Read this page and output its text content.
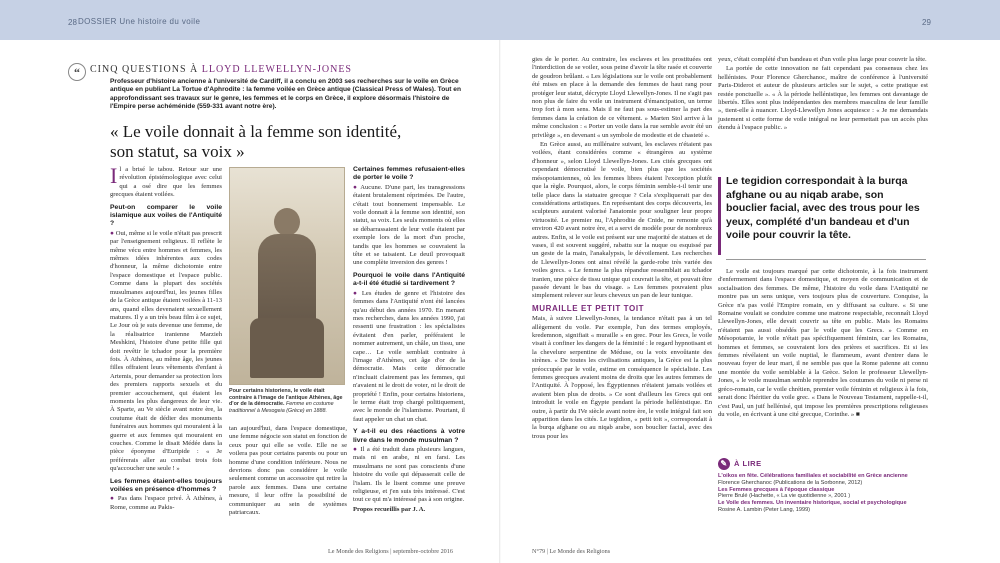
28 DOSSIER Une histoire du voile	29
“	CINQ QUESTIONS À LLOYD LLEWELLYN-JONES
Professeur d'histoire ancienne à l'université de Cardiff, il a conclu en 2003 ses recherches sur le voile en Grèce antique en publiant La Tortue d'Aphrodite : la femme voilée en Grèce antique (Classical Press of Wales). Tout en approfondissant ses travaux sur le genre, les femmes et le corps en Grèce, il explore désormais l'histoire de l'Empire perse achéménide (559-331 avant notre ère).
« Le voile donnait à la femme son identité, son statut, sa voix »

Il a brisé le tabou. Retour sur une révolution épistémologique avec celui qui a osé dire que les femmes grecques étaient voilées.

Peut-on comparer le voile islamique aux voiles de l'Antiquité ?

● Oui, même si le voile n'était pas prescrit par l'enseignement religieux. Il reflète le même vécu entre hommes et femmes, les mêmes idées inhérentes aux codes d'honneur, la même dichotomie entre l'espace domestique et l'espace public. Comme dans la plupart des sociétés musulmanes aujourd'hui, les jeunes filles de la Grèce antique étaient voilées à 11-13 ans, quand elles devenaient sexuellement matures. Il y a un très beau film à ce sujet, Le Jour où je suis devenue une femme, de la réalisatrice iranienne Marzieh Meshkini, l'histoire d'une petite fille qui doit revêtir le tchador pour la première fois. À Athènes, au même âge, les jeunes filles offraient leurs vêtements d'enfant à Artemis, pour demander sa protection lors des premiers rapports sexuels et du premier accouchement, qui étaient les moments les plus dangereux de leur vie. À Sparte, au Ve siècle avant notre ère, la coutume était de dédier des monuments funéraires aux hommes qui mouraient à la guerre et aux femmes qui mouraient en couches. Comme le disait Médée dans la pièce éponyme d'Euripide : « Je préférerais aller au combat trois fois qu'accoucher une seule ! »

Les femmes étaient-elles toujours voilées en présence d'hommes ?

● Pas dans l'espace privé. À Athènes, à Rome, comme au Pakis-

Pour certains historiens, le voile était contraire à l'image de l'antique Athènes, âge d'or de la démocratie. Femme en costume traditionnel à Mesogeia (Grèce) en 1888.
tan aujourd'hui, dans l'espace domestique, une femme négocie son statut en fonction de ceux pour qui elle se voile. Elle ne se voilera pas pour certains parents ou pour un homme d'une condition inférieure. Nous ne devrions donc pas considérer le voile seulement comme un accessoire qui retire la parole aux femmes. Dans une certaine mesure, il leur offre la possibilité de communiquer au sein de systèmes patriarcaux.
Certaines femmes refusaient-elles de porter le voile ?

● Aucune. D'une part, les transgressions étaient brutalement réprimées. De l'autre, c'était tout bonnement impensable. Le voile donnait à la femme son identité, son statut, sa voix. Les seuls moments où elles se débarrassaient de leur voile étaient par exemple lors de la mort d'un proche, tandis que les hommes se couvraient la tête et se taisaient. Le deuil provoquait une complète inversion des genres !

Pourquoi le voile dans l'Antiquité a-t-il été étudié si tardivement ?

● Les études de genre et l'histoire des femmes dans l'Antiquité n'ont été lancées qu'au début des années 1970. En menant mes recherches, dans les années 1990, j'ai ressenti une frustration : les spécialistes évitaient d'en parler, préféraient le nommer autrement, un châle, un tissu, une cape… Le voile semblait contraire à l'image d'Athènes, cet âge d'or de la démocratie. Mais cette démocratie n'incluait clairement pas les femmes, qui n'avaient ni le droit de voter, ni le droit de propriété ! Enfin, pour certains historiens, le terme était trop chargé politiquement, avec le monde de l'islamisme. Pourtant, il faut appeler un chat un chat.

Y a-t-il eu des réactions à votre livre dans le monde musulman ?

● Il a été traduit dans plusieurs langues, mais ni en arabe, ni en farsi. Les musulmans ne sont pas conscients d'une histoire du voile qui dépasserait celle de l'islam. Ils le lisent comme une preuve religieuse, et j'en suis très intéressé. C'est tout ce qui m'a intéressé pas à son origine.

Propos recueillis par J. A.

gies de le porter. Au contraire, les esclaves et les prostituées ont l'interdiction de se voiler, sous peine d'avoir la tête rasée et couverte de goudron brûlant. « Les législations sur le voile ont probablement été mises en place à la demande des femmes de haut rang pour protéger leur statut, décrypte Lloyd Llewellyn-Jones. Il ne s'agit pas non plus de faire du voile un instrument d'émancipation, un terme trop fort à mon sens. Mais il ne faut pas sous-estimer la part des femmes dans la création de ce vêtement. » Marten Stol arrive à la même conclusion : « Porter un voile dans la rue semble avoir été un privilège », en devenant « un symbole de modestie et de chasteté ».

En Grèce aussi, au millénaire suivant, les esclaves n'étaient pas voilées, étant considérées comme « étrangères au système d'honneur », selon Lloyd Llewellyn-Jones. Les cités grecques ont cependant démocratisé le voile, bien plus que les sociétés mésopotamiennes, où les femmes libres étaient l'exception plutôt que la règle. Pourquoi, alors, le corps féminin semble-t-il tenir une telle place dans la statuaire grecque ? Cela s'expliquerait par des considérations artistiques. En représentant des corps découverts, les sculpteurs auraient valorisé l'anatomie pour souligner leur propre virtuosité. Le premier nu, l'Aphrodite de Cnide, ne remonte qu'à environ 420 avant notre ère, et a servi de modèle pour de nombreux autres. Enfin, si le voile est présent sur une majorité de statues et de vases, il est souvent suggéré, rabattu sur la nuque ou esquissé par un geste de la main, l'anakalypsis, le dévoilement. Les recherches de Llewellyn-Jones ont ainsi révélé la garde-robe très variée des voiles grecs. « Le femme la plus répandue ressemblait au tchador iranien, une pièce de tissu unique qui couvrait la tête, et pouvait être passée devant le bas du visage. » Les femmes pouvaient plus simplement relever sur leurs cheveux un pan de leur tunique.

MURAILLE ET PETIT TOIT

Mais, à suivre Llewellyn-Jones, la tendance n'était pas à un tel allègement du voile. Par exemple, l'un des termes employés, kredemnon, signifiait « muraille » en grec. Pour les Grecs, le voile visait à confiner les dangers de la féminité : le regard hypnotisant et la chevelure serpentine de Méduse, ou la voix envoûtante des sirènes. « De toutes les civilisations antiques, la Grèce est la plus préoccupée par le voile, estime en conséquence le spécialiste. Les femmes grecques avaient moins de droits que les autres femmes de l'Antiquité. À l'opposé, les Égyptiennes n'étaient jamais voilées et avaient bien plus de droits. » Ce sont d'ailleurs les Grecs qui ont introduit le voile en Égypte pendant la période hellénistique. En outre, à partir du IVe siècle avant notre ère, le voile intégral fait son apparition dans les cités. Le tegidion, « petit toit », correspondait à la burqa afghane ou au niqab arabe, son bouclier facial, avec des trous pour les

yeux, c'était complété d'un bandeau et d'un voile plus large pour couvrir la tête.

La portée de cette innovation ne fait cependant pas consensus chez les hellénistes. Pour Florence Gherchanoc, maître de conférence à l'université Paris-Diderot et auteur de plusieurs articles sur le sujet, « cette pratique est restée ponctuelle ». « À la période hellénistique, les femmes ont davantage de libertés. Elles sont plus indépendantes des membres masculins de leur famille », tient-elle à nuancer. Lloyd-Llewellyn Jones acquiesce : « Je me demandais justement si cette forme de voile intégral ne leur permettait pas un accès plus étendu à l'espace public. »

Le tegidion correspondait à la burqa afghane ou au niqab arabe, son bouclier facial, avec des trous pour les yeux, complété d'un bandeau et d'un voile pour couvrir la tête.

Le voile est toujours marqué par cette dichotomie, à la fois instrument d'enfermement dans l'espace domestique, et moyen de communication et de socialisation des femmes. De même, l'histoire du voile dans l'Antiquité ne montre pas un sens unique, vers toujours plus de couverture. Conquise, la Grèce n'a pas voilé l'Empire romain, en y diffusant sa culture. « Si une Romaine voulait se conduire comme une matrone respectable, reconnaît Lloyd Llewellyn-Jones, elle devait couvrir sa tête en public. Mais les Romains n'étaient pas aussi obsédés par le voile que les Grecs. » Comme en Mésopotamie, le voile n'était pas spécifiquement féminin, car les Romains, hommes et femmes, se couvraient lors des prières et sacrifices. Et si les femmes révélaient un voile nuptial, le flammeum, avant d'entrer dans le nouveau foyer de leur mari, il ne semble pas que la Rome païenne ait connu une montée du voile semblable à la Grèce. Selon le professeur Llewellyn-Jones, « le voile musulman semble reprendre les coutumes du voile ni perse ni gréco-romain, car le voile chrétien, premier voile féminin et religieux à la fois, serait donc l'héritier du voile grec. « Dans le Nouveau Testament, rappelle-t-il, c'est Paul, un juif hellénisé, qui impose les premières prescriptions religieuses du voile, en écrivant à une cité grecque, Corinthe. » ■

✎ À LIRE
L'oikos en fête. Célébrations familiales et sociabilité en Grèce ancienne
Florence Gherchanoc (Publications de la Sorbonne, 2012)
Les Femmes grecques à l'époque classique
Pierre Brulé (Hachette, « La vie quotidienne », 2001 )
Le Voile des femmes. Un inventaire historique, social et psychologique
Rosine A. Lambin (Peter Lang, 1999)
Le Monde des Religions | septembre-octobre 2016	N°79 | Le Monde des Religions
